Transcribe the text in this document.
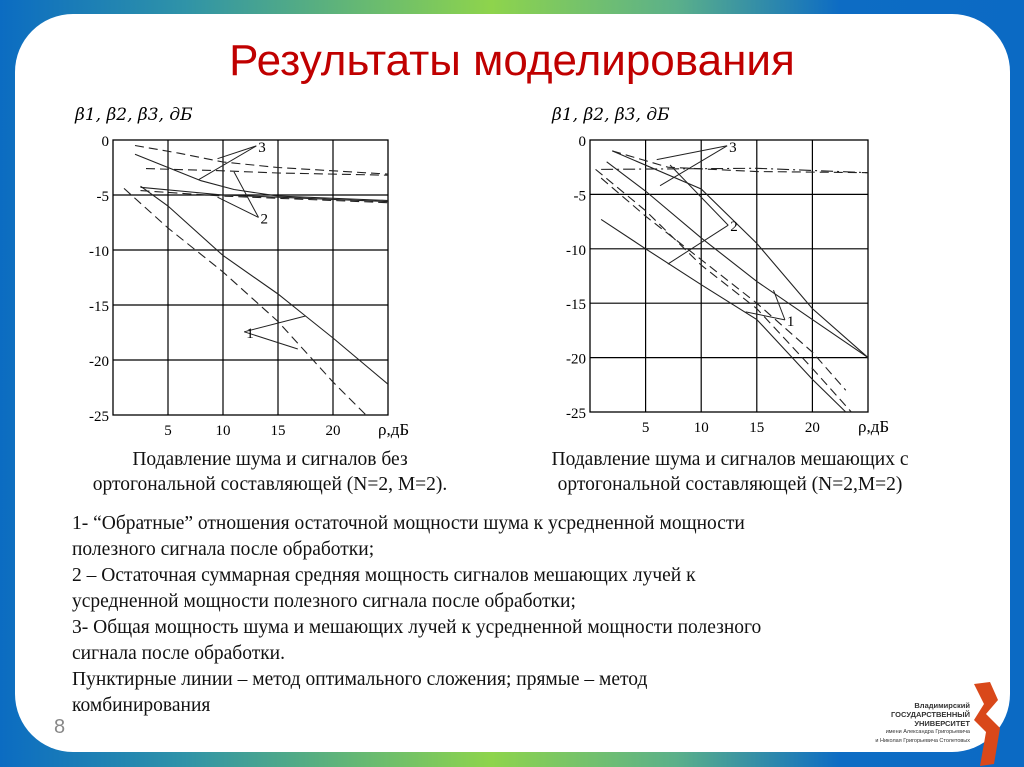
Результаты моделирования
5	10	15	20
0
-5
-10
-15
-20
-25
ρ,дБ
β1, β2, β3, дБ
3
2
1
5	10	15	20
0
-5
-10
-15
-20
-25
ρ,дБ
β1, β2, β3, дБ
3
2
1
Подавление шума и сигналов без
ортогональной составляющей (N=2, M=2).
Подавление шума и сигналов мешающих с
ортогональной составляющей (N=2,M=2)
1- “Обратные” отношения остаточной мощности шума к усредненной мощности
полезного сигнала после обработки;
2 – Остаточная суммарная средняя мощность сигналов мешающих лучей к
усредненной мощности полезного сигнала после обработки;
3- Общая мощность шума и мешающих лучей к усредненной мощности полезного
сигнала после обработки.
Пунктирные линии – метод оптимального сложения; прямые – метод
комбинирования
8
Владимирский
ГОСУДАРСТВЕННЫЙ
УНИВЕРСИТЕТ
имени Александра Григорьевича
и Николая Григорьевича Столетовых
